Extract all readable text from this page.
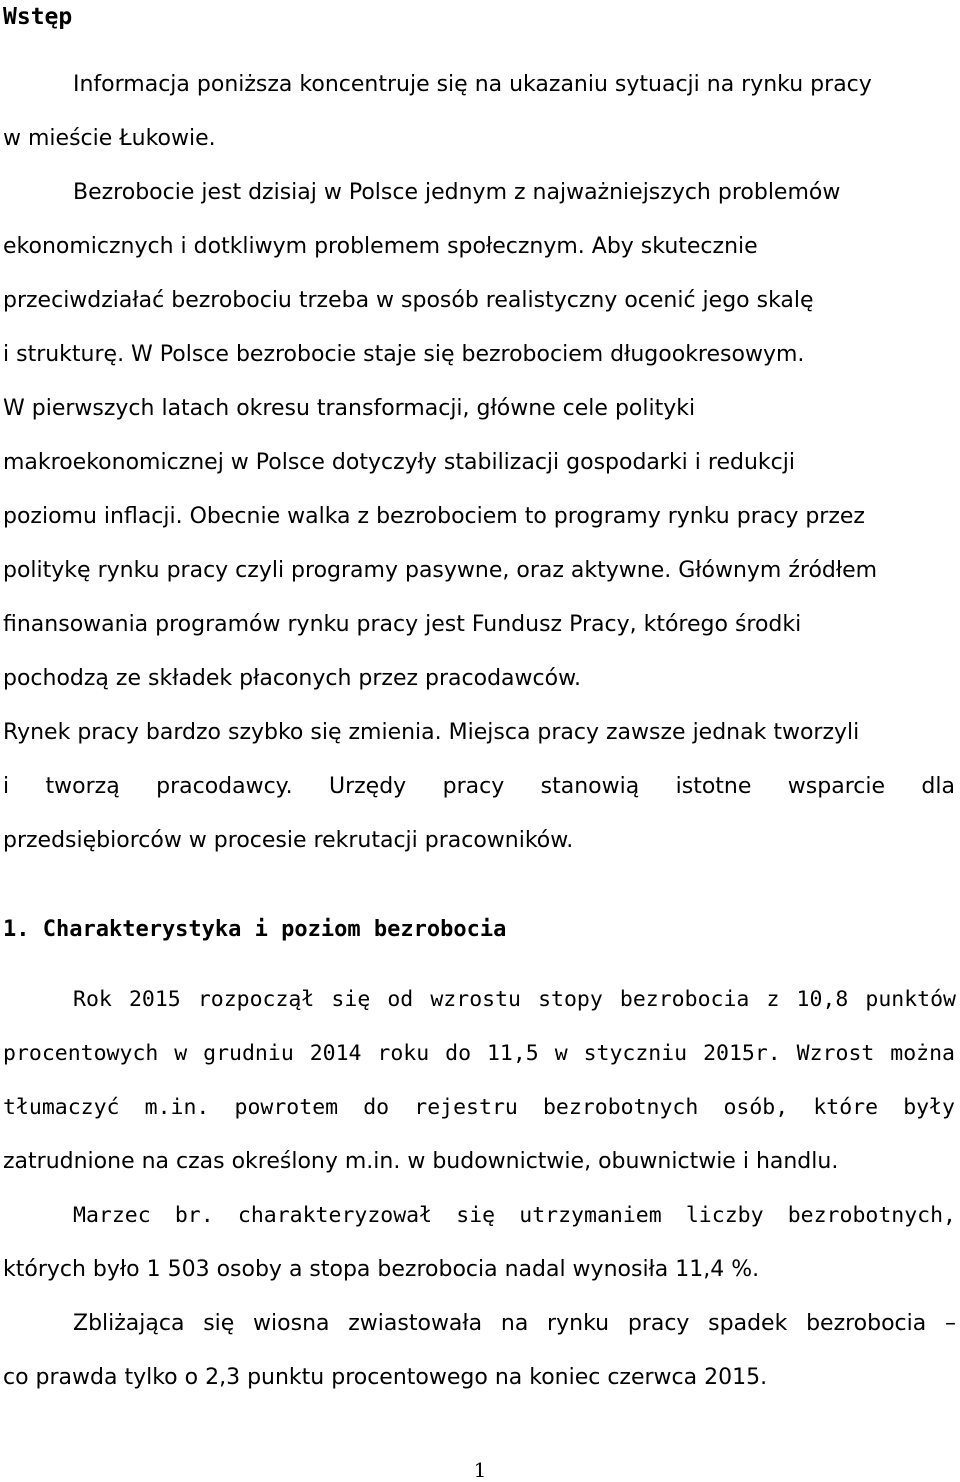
Wstęp
Informacja poniższa koncentruje się na ukazaniu sytuacji na rynku pracy
w mieście Łukowie.
Bezrobocie jest dzisiaj w Polsce jednym z najważniejszych problemów
ekonomicznych i dotkliwym problemem społecznym. Aby skutecznie
przeciwdziałać bezrobociu trzeba w sposób realistyczny ocenić jego skalę
i strukturę. W Polsce bezrobocie staje się bezrobociem długookresowym.
W pierwszych latach okresu transformacji, główne cele polityki
makroekonomicznej w Polsce dotyczyły stabilizacji gospodarki i redukcji
poziomu inflacji. Obecnie walka z bezrobociem to programy rynku pracy przez
politykę rynku pracy czyli programy pasywne, oraz aktywne. Głównym źródłem
finansowania programów rynku pracy jest Fundusz Pracy, którego środki
pochodzą ze składek płaconych przez pracodawców.
Rynek pracy bardzo szybko się zmienia. Miejsca pracy zawsze jednak tworzyli
i tworzą pracodawcy. Urzędy pracy stanowią istotne wsparcie dla
przedsiębiorców w procesie rekrutacji pracowników.
1. Charakterystyka i poziom bezrobocia
Rok 2015 rozpoczął się od wzrostu stopy bezrobocia z 10,8 punktów
procentowych w grudniu 2014 roku do 11,5 w styczniu 2015r. Wzrost można
tłumaczyć m.in. powrotem do rejestru bezrobotnych osób, które były
zatrudnione na czas określony m.in. w budownictwie, obuwnictwie i handlu.
Marzec br. charakteryzował się utrzymaniem liczby bezrobotnych,
których było 1 503 osoby a stopa bezrobocia nadal wynosiła 11,4 %.
Zbliżająca się wiosna zwiastowała na rynku pracy spadek bezrobocia –
co prawda tylko o 2,3 punktu procentowego na koniec czerwca 2015.
1
